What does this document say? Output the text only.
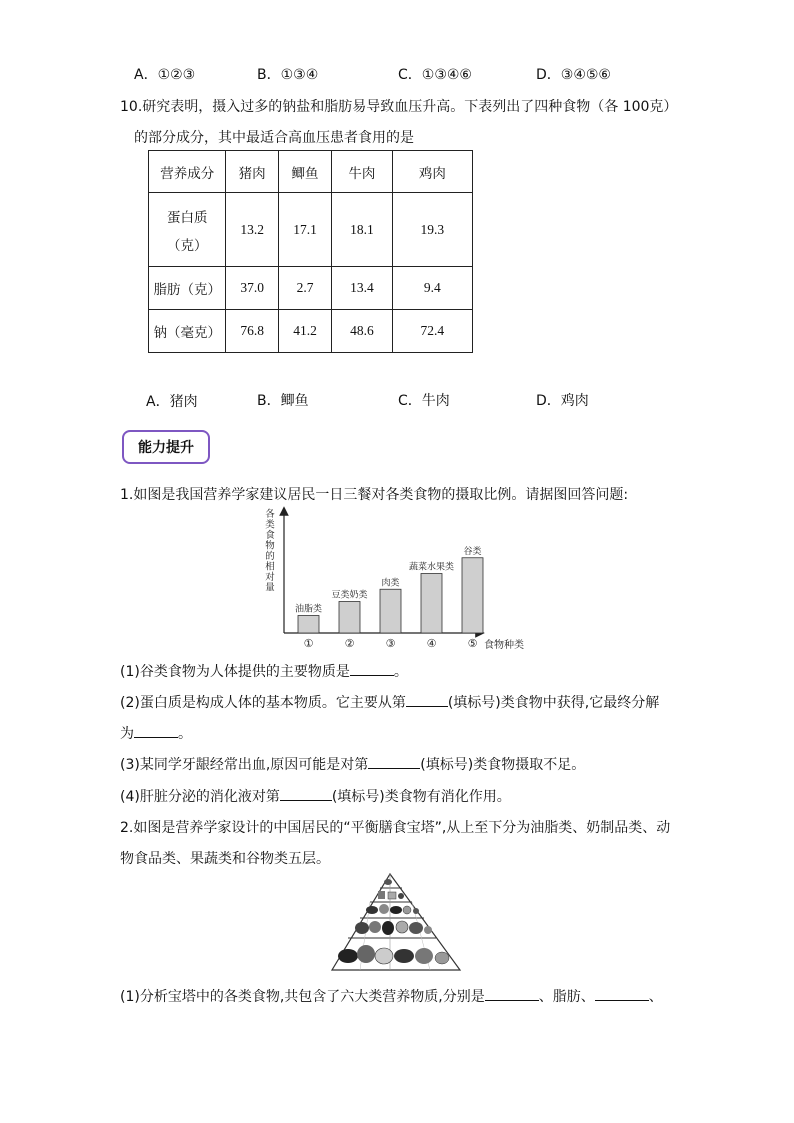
A．①②③	B．①③④	C．①③④⑥	D．③④⑤⑥
10.研究表明，摄入过多的钠盐和脂肪易导致血压升高。下表列出了四种食物（各 100克）
的部分成分，其中最适合高血压患者食用的是
营养成分	猪肉	鲫鱼	牛肉	鸡肉

蛋白质
（克）	13.2	17.1	18.1	19.3
脂肪（克）	37.0	2.7	13.4	9.4
钠（毫克）	76.8	41.2	48.6	72.4
A．猪肉	B．鲫鱼	C．牛肉	D．鸡肉
能力提升
1.如图是我国营养学家建议居民一日三餐对各类食物的摄取比例。请据图回答问题:
各
类
食
物
的
相
对
量
油脂类
①
豆类奶类
②
肉类
③
蔬菜水果类
④
谷类
⑤ 食物种类
(1)谷类食物为人体提供的主要物质是	。
(2)蛋白质是构成人体的基本物质。它主要从第	(填标号)类食物中获得,它最终分解
为	。
(3)某同学牙龈经常出血,原因可能是对第	(填标号)类食物摄取不足。
(4)肝脏分泌的消化液对第	(填标号)类食物有消化作用。
2.如图是营养学家设计的中国居民的“平衡膳食宝塔”,从上至下分为油脂类、奶制品类、动
物食品类、果蔬类和谷物类五层。
(1)分析宝塔中的各类食物,共包含了六大类营养物质,分别是	、脂肪、	、
